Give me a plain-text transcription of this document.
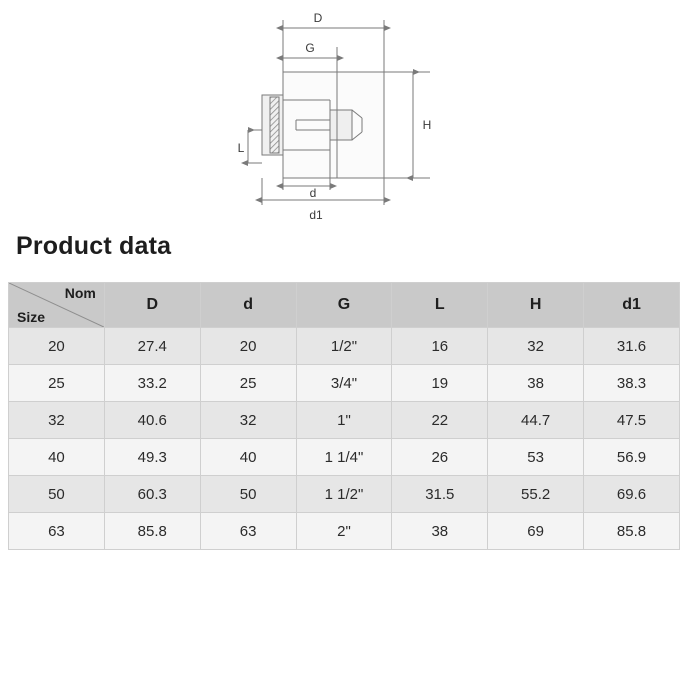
D
G
H
L
d
d1
Product data
Nom
Size	D	d	G	L	H	d1
20	27.4	20	1/2"	16	32	31.6
25	33.2	25	3/4"	19	38	38.3
32	40.6	32	1"	22	44.7	47.5
40	49.3	40	1 1/4"	26	53	56.9
50	60.3	50	1 1/2"	31.5	55.2	69.6
63	85.8	63	2"	38	69	85.8
